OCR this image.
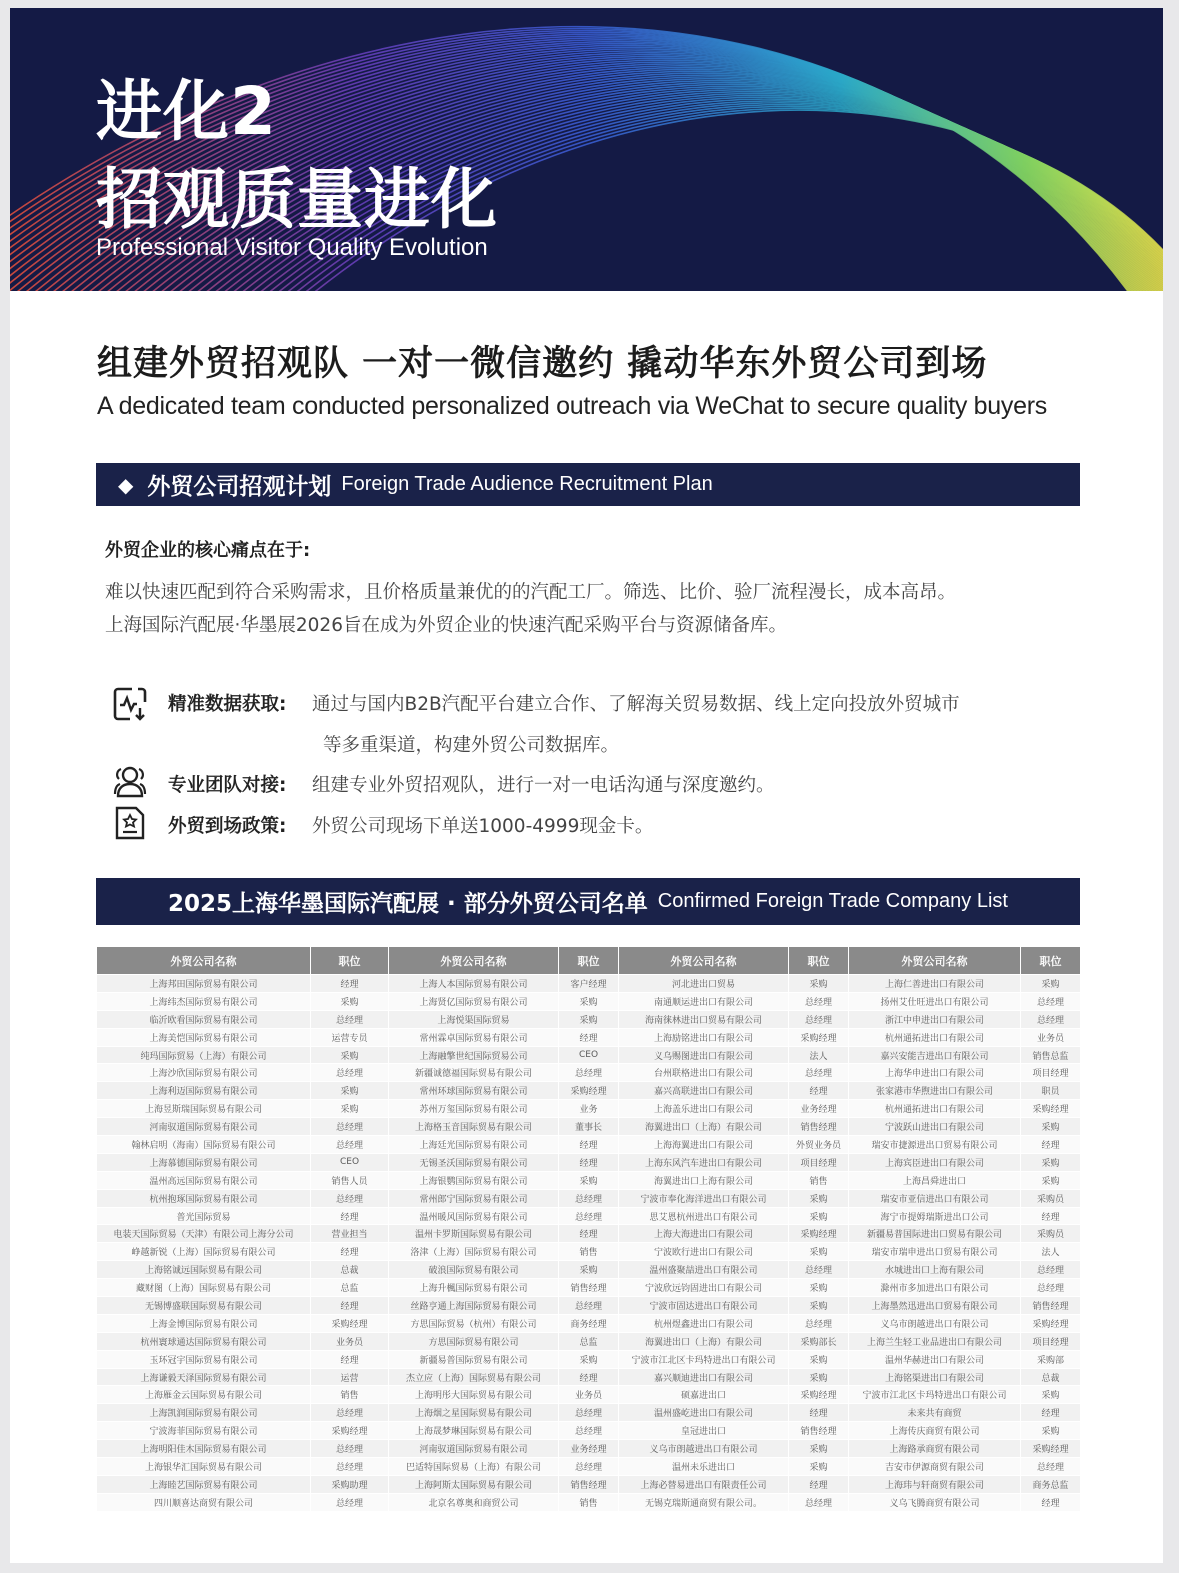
进化2
招观质量进化
Professional Visitor Quality Evolution
组建外贸招观队 一对一微信邀约 撬动华东外贸公司到场
A dedicated team conducted personalized outreach via WeChat to secure quality buyers
◆ 外贸公司招观计划 Foreign Trade Audience Recruitment Plan
外贸企业的核心痛点在于:
难以快速匹配到符合采购需求，且价格质量兼优的的汽配工厂。筛选、比价、验厂流程漫长，成本高昂。
上海国际汽配展·华墨展2026旨在成为外贸企业的快速汽配采购平台与资源储备库。
精准数据获取: 通过与国内B2B汽配平台建立合作、了解海关贸易数据、线上定向投放外贸城市
等多重渠道，构建外贸公司数据库。
专业团队对接: 组建专业外贸招观队，进行一对一电话沟通与深度邀约。
外贸到场政策: 外贸公司现场下单送1000-4999现金卡。
2025上海华墨国际汽配展 · 部分外贸公司名单 Confirmed Foreign Trade Company List
外贸公司名称	职位	外贸公司名称	职位	外贸公司名称	职位	外贸公司名称	职位
上海邦田国际贸易有限公司	经理	上海人本国际贸易有限公司	客户经理	河北进出口贸易	采购	上海仁善进出口有限公司	采购
上海纬杰国际贸易有限公司	采购	上海贤亿国际贸易有限公司	采购	南通顺运进出口有限公司	总经理	扬州艾仕旺进出口有限公司	总经理
临沂欧看国际贸易有限公司	总经理	上海悦渠国际贸易	采购	海南徕林进出口贸易有限公司	总经理	浙江中申进出口有限公司	总经理
上海美恺国际贸易有限公司	运营专员	常州霖卓国际贸易有限公司	经理	上海励铭进出口有限公司	采购经理	杭州通拓进出口有限公司	业务员
纯玛国际贸易（上海）有限公司	采购	上海融擎世纪国际贸易公司	CEO	义乌赐图进出口有限公司	法人	嘉兴安能吉进出口有限公司	销售总监
上海沙欣国际贸易有限公司	总经理	新疆诚德福国际贸易有限公司	总经理	台州联格进出口有限公司	总经理	上海华申进出口有限公司	项目经理
上海利迈国际贸易有限公司	采购	常州环球国际贸易有限公司	采购经理	嘉兴高联进出口有限公司	经理	张家港市华煦进出口有限公司	职员
上海昱斯瑞国际贸易有限公司	采购	苏州万玺国际贸易有限公司	业务	上海盖乐进出口有限公司	业务经理	杭州通拓进出口有限公司	采购经理
河南驭道国际贸易有限公司	总经理	上海格玉音国际贸易有限公司	董事长	海翼进出口（上海）有限公司	销售经理	宁波跃山进出口有限公司	采购
翰林启明（海南）国际贸易有限公司	总经理	上海廷光国际贸易有限公司	经理	上海海翼进出口有限公司	外贸业务员	瑞安市捷源进出口贸易有限公司	经理
上海慕德国际贸易有限公司	CEO	无锡圣沃国际贸易有限公司	经理	上海东风汽车进出口有限公司	项目经理	上海宾臣进出口有限公司	采购
温州高远国际贸易有限公司	销售人员	上海银鹦国际贸易有限公司	采购	海翼进出口上海有限公司	销售	上海昌舜进出口	采购
杭州抱琢国际贸易有限公司	总经理	常州郎宁国际贸易有限公司	总经理	宁波市奉化海洋进出口有限公司	采购	瑞安市亚信进出口有限公司	采购员
普光国际贸易	经理	温州暖风国际贸易有限公司	总经理	思艾恩杭州进出口有限公司	采购	海宁市提姆瑞斯进出口公司	经理
电装天国际贸易（天津）有限公司上海分公司	营业担当	温州卡罗斯国际贸易有限公司	经理	上海大海进出口有限公司	采购经理	新疆易普国际进出口贸易有限公司	采购员
峥越新锐（上海）国际贸易有限公司	经理	洛津（上海）国际贸易有限公司	销售	宁波欧行进出口有限公司	采购	瑞安市瑞申进出口贸易有限公司	法人
上海铭诚远国际贸易有限公司	总裁	破浪国际贸易有限公司	采购	温州盛聚喆进出口有限公司	总经理	水城进出口上海有限公司	总经理
藏财图（上海）国际贸易有限公司	总监	上海升楓国际贸易有限公司	销售经理	宁波欣远钧固进出口有限公司	采购	滁州市多加进出口有限公司	总经理
无锡博盛联国际贸易有限公司	经理	丝路亨通上海国际贸易有限公司	总经理	宁波市固达进出口有限公司	采购	上海墨然迅进出口贸易有限公司	销售经理
上海金博国际贸易有限公司	采购经理	方思国际贸易（杭州）有限公司	商务经理	杭州煜鑫进出口有限公司	总经理	义乌市朗越进出口有限公司	采购经理
杭州寰球通达国际贸易有限公司	业务员	方思国际贸易有限公司	总监	海翼进出口（上海）有限公司	采购部长	上海兰生轻工业品进出口有限公司	项目经理
玉环冠宇国际贸易有限公司	经理	新疆易普国际贸易有限公司	采购	宁波市江北区卡玛特进出口有限公司	采购	温州华赫进出口有限公司	采购部
上海谦毅天泽国际贸易有限公司	运营	杰立应（上海）国际贸易有限公司	经理	嘉兴顺迪进出口有限公司	采购	上海铭渠进出口有限公司	总裁
上海雁金云国际贸易有限公司	销售	上海明彤大国际贸易有限公司	业务员	硕嘉进出口	采购经理	宁波市江北区卡玛特进出口有限公司	采购
上海凯润国际贸易有限公司	总经理	上海烟之星国际贸易有限公司	总经理	温州盛屹进出口有限公司	经理	未来共有商贸	经理
宁波海菲国际贸易有限公司	采购经理	上海晟梦琳国际贸易有限公司	总经理	皇冠进出口	销售经理	上海传庆商贸有限公司	采购
上海明阳佳木国际贸易有限公司	总经理	河南驭道国际贸易有限公司	业务经理	义乌市朗越进出口有限公司	采购	上海路承商贸有限公司	采购经理
上海银华汇国际贸易有限公司	总经理	巴适特国际贸易（上海）有限公司	总经理	温州未乐进出口	采购	吉安市伊源商贸有限公司	总经理
上海睦艺国际贸易有限公司	采购助理	上海阿斯太国际贸易有限公司	销售经理	上海必替易进出口有限责任公司	经理	上海玮与轩商贸有限公司	商务总监
四川顺喜达商贸有限公司	总经理	北京名尊奥和商贸公司	销售	无锡克瑞斯通商贸有限公司。	总经理	义乌飞腾商贸有限公司	经理
